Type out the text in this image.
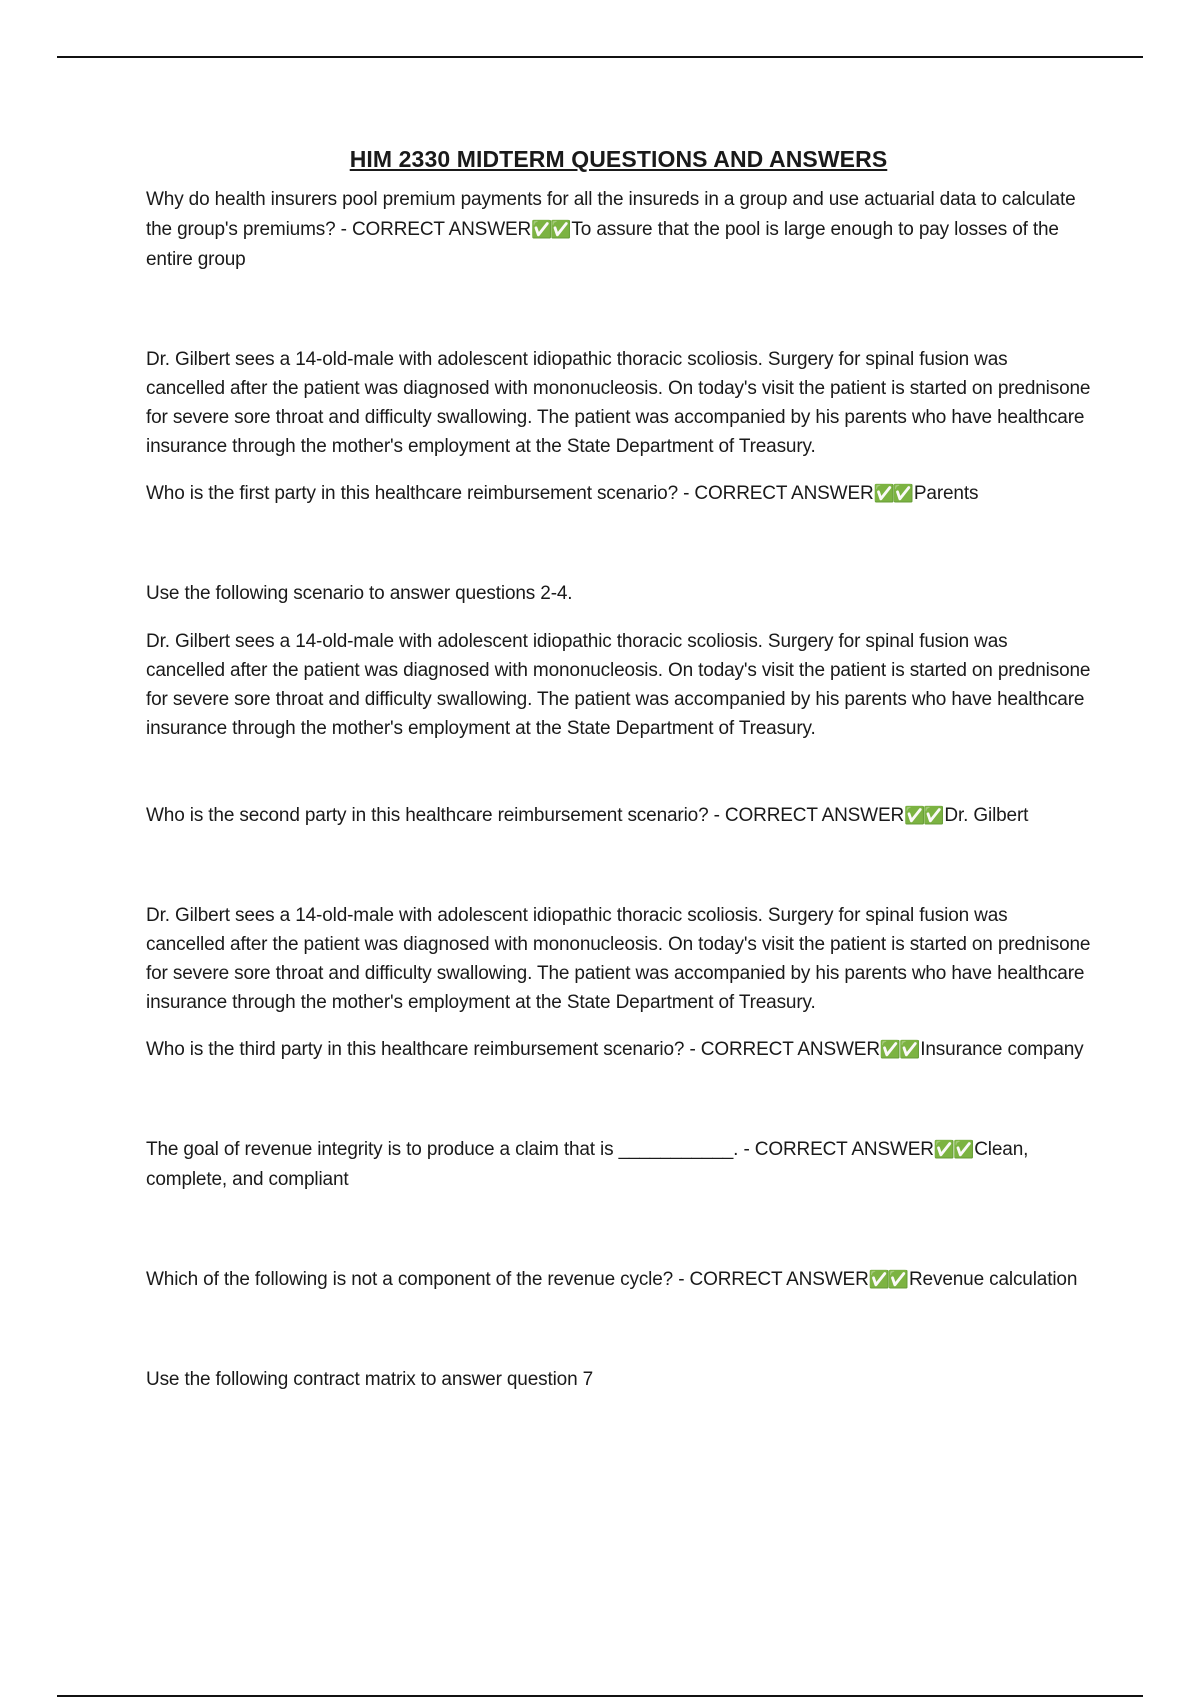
HIM 2330 MIDTERM QUESTIONS AND ANSWERS

Why do health insurers pool premium payments for all the insureds in a group and use actuarial data to calculate the group's premiums? - CORRECT ANSWER✅✅ To assure that the pool is large enough to pay losses of the entire group

Dr. Gilbert sees a 14-old-male with adolescent idiopathic thoracic scoliosis. Surgery for spinal fusion was cancelled after the patient was diagnosed with mononucleosis. On today's visit the patient is started on prednisone for severe sore throat and difficulty swallowing. The patient was accompanied by his parents who have healthcare insurance through the mother's employment at the State Department of Treasury.

Who is the first party in this healthcare reimbursement scenario? - CORRECT ANSWER✅✅ Parents

Use the following scenario to answer questions 2-4.

Dr. Gilbert sees a 14-old-male with adolescent idiopathic thoracic scoliosis. Surgery for spinal fusion was cancelled after the patient was diagnosed with mononucleosis. On today's visit the patient is started on prednisone for severe sore throat and difficulty swallowing. The patient was accompanied by his parents who have healthcare insurance through the mother's employment at the State Department of Treasury.

Who is the second party in this healthcare reimbursement scenario? - CORRECT ANSWER✅✅ Dr. Gilbert

Dr. Gilbert sees a 14-old-male with adolescent idiopathic thoracic scoliosis. Surgery for spinal fusion was cancelled after the patient was diagnosed with mononucleosis. On today's visit the patient is started on prednisone for severe sore throat and difficulty swallowing. The patient was accompanied by his parents who have healthcare insurance through the mother's employment at the State Department of Treasury.

Who is the third party in this healthcare reimbursement scenario? - CORRECT ANSWER✅✅ Insurance company

The goal of revenue integrity is to produce a claim that is ___________. - CORRECT ANSWER✅✅ Clean, complete, and compliant

Which of the following is not a component of the revenue cycle? - CORRECT ANSWER✅✅ Revenue calculation

Use the following contract matrix to answer question 7
